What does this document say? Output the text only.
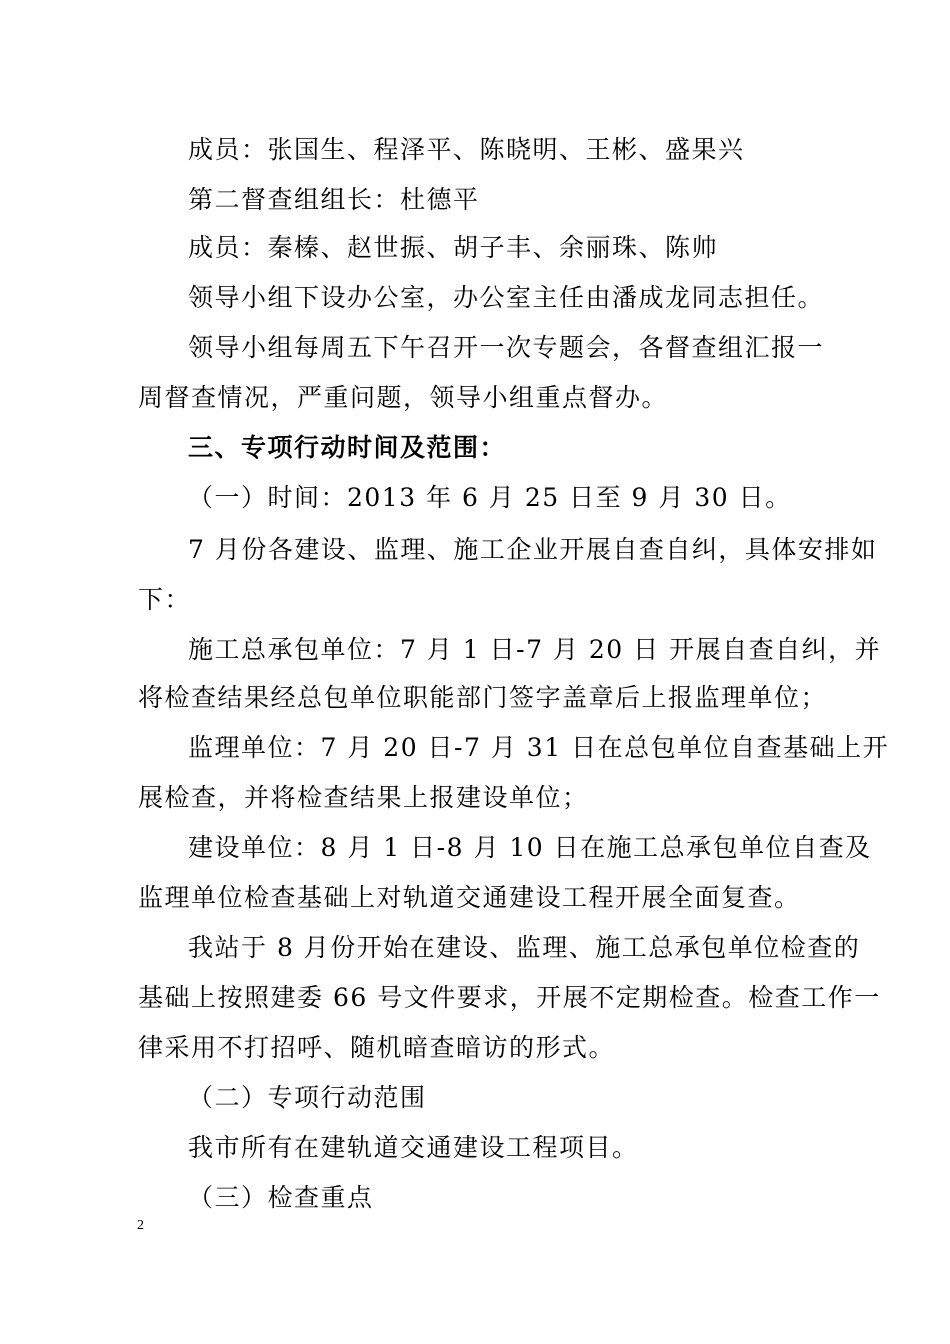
成员：张国生、程泽平、陈晓明、王彬、盛果兴
第二督查组组长：杜德平
成员：秦榛、赵世振、胡子丰、余丽珠、陈帅
领导小组下设办公室，办公室主任由潘成龙同志担任。
领导小组每周五下午召开一次专题会，各督查组汇报一
周督查情况，严重问题，领导小组重点督办。
三、专项行动时间及范围：
（一）时间：2013 年 6 月 25 日至 9 月 30 日。
7 月份各建设、监理、施工企业开展自查自纠，具体安排如
下：
施工总承包单位：7 月 1 日-7 月 20 日 开展自查自纠，并
将检查结果经总包单位职能部门签字盖章后上报监理单位；
监理单位：7 月 20 日-7 月 31 日在总包单位自查基础上开
展检查，并将检查结果上报建设单位；
建设单位：8 月 1 日-8 月 10 日在施工总承包单位自查及
监理单位检查基础上对轨道交通建设工程开展全面复查。
我站于 8 月份开始在建设、监理、施工总承包单位检查的
基础上按照建委 66 号文件要求，开展不定期检查。检查工作一
律采用不打招呼、随机暗查暗访的形式。
（二）专项行动范围
我市所有在建轨道交通建设工程项目。
（三）检查重点
2
